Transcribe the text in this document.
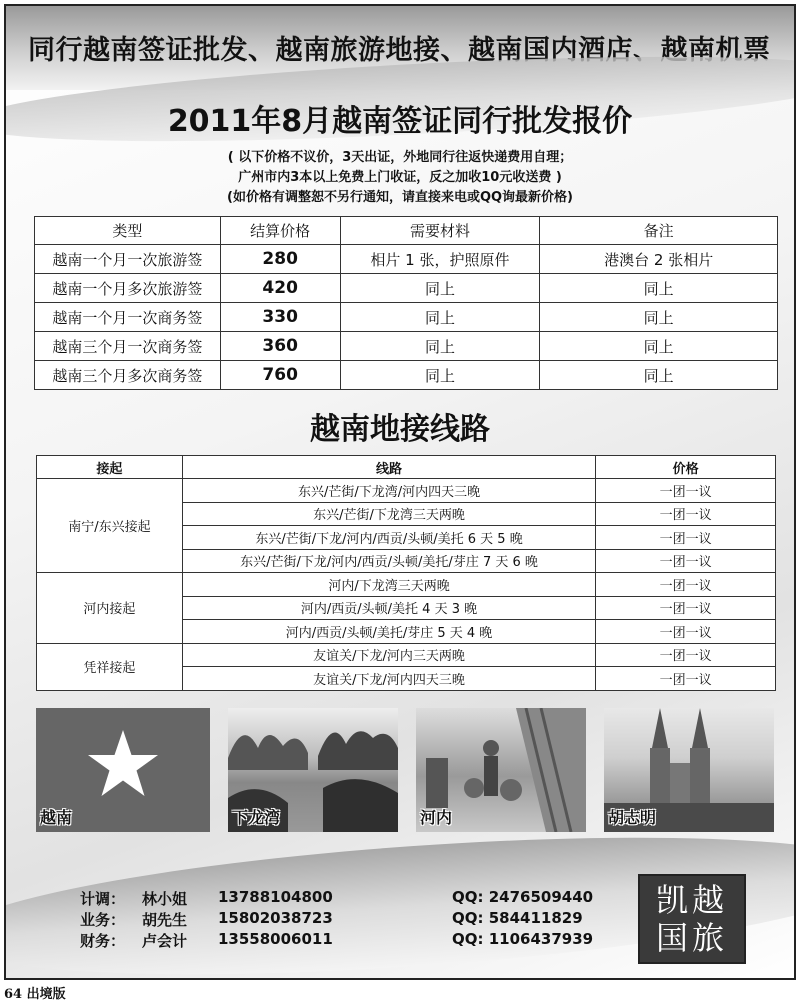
同行越南签证批发、越南旅游地接、越南国内酒店、越南机票
2011年8月越南签证同行批发报价
( 以下价格不议价，3天出证，外地同行往返快递费用自理；
广州市内3本以上免费上门收证，反之加收10元收送费 )
(如价格有调整恕不另行通知，请直接来电或QQ询最新价格)
类型	结算价格	需要材料	备注
越南一个月一次旅游签	280	相片 1 张，护照原件	港澳台 2 张相片
越南一个月多次旅游签	420	同上	同上
越南一个月一次商务签	330	同上	同上
越南三个月一次商务签	360	同上	同上
越南三个月多次商务签	760	同上	同上
越南地接线路
接起	线路	价格
南宁/东兴接起	东兴/芒街/下龙湾/河内四天三晚	一团一议
	东兴/芒街/下龙湾三天两晚	一团一议
	东兴/芒街/下龙/河内/西贡/头顿/美托 6 天 5 晚	一团一议
	东兴/芒街/下龙/河内/西贡/头顿/美托/芽庄 7 天 6 晚	一团一议
河内接起	河内/下龙湾三天两晚	一团一议
	河内/西贡/头顿/美托 4 天 3 晚	一团一议
	河内/西贡/头顿/美托/芽庄 5 天 4 晚	一团一议
凭祥接起	友谊关/下龙/河内三天两晚	一团一议
	友谊关/下龙/河内四天三晚	一团一议
越南	下龙湾	河内	胡志明
计调： 林小姐 13788104800	QQ: 2476509440
业务： 胡先生 15802038723	QQ: 584411829
财务： 卢会计 13558006011	QQ: 1106437939
凯越
国旅
64 出境版
